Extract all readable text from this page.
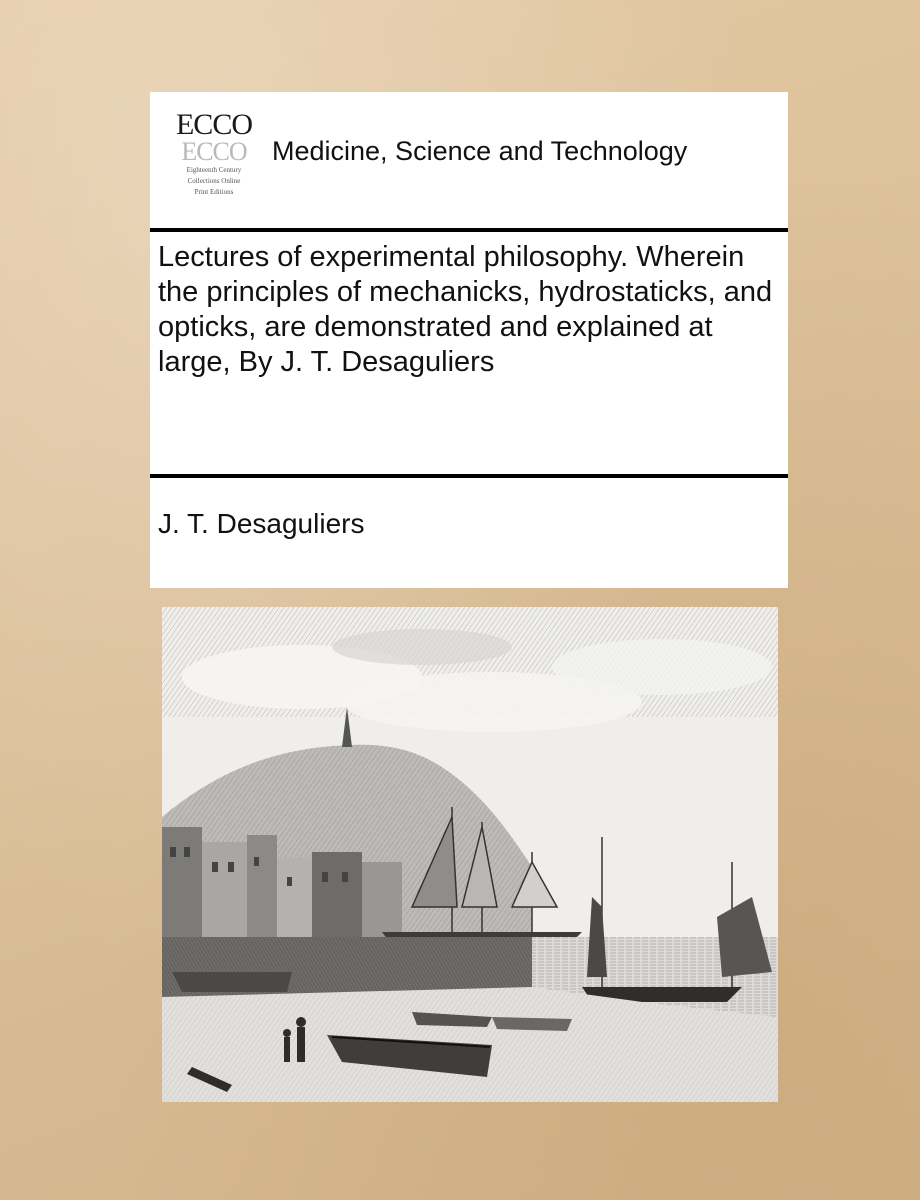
ECCO
ECCO
Eighteenth Century
Collections Online
Print Editions
Medicine, Science and Technology
Lectures of experimental philosophy. Wherein the principles of mechanicks, hydrostaticks, and opticks, are demonstrated and explained at large, By J. T. Desaguliers
J. T. Desaguliers
